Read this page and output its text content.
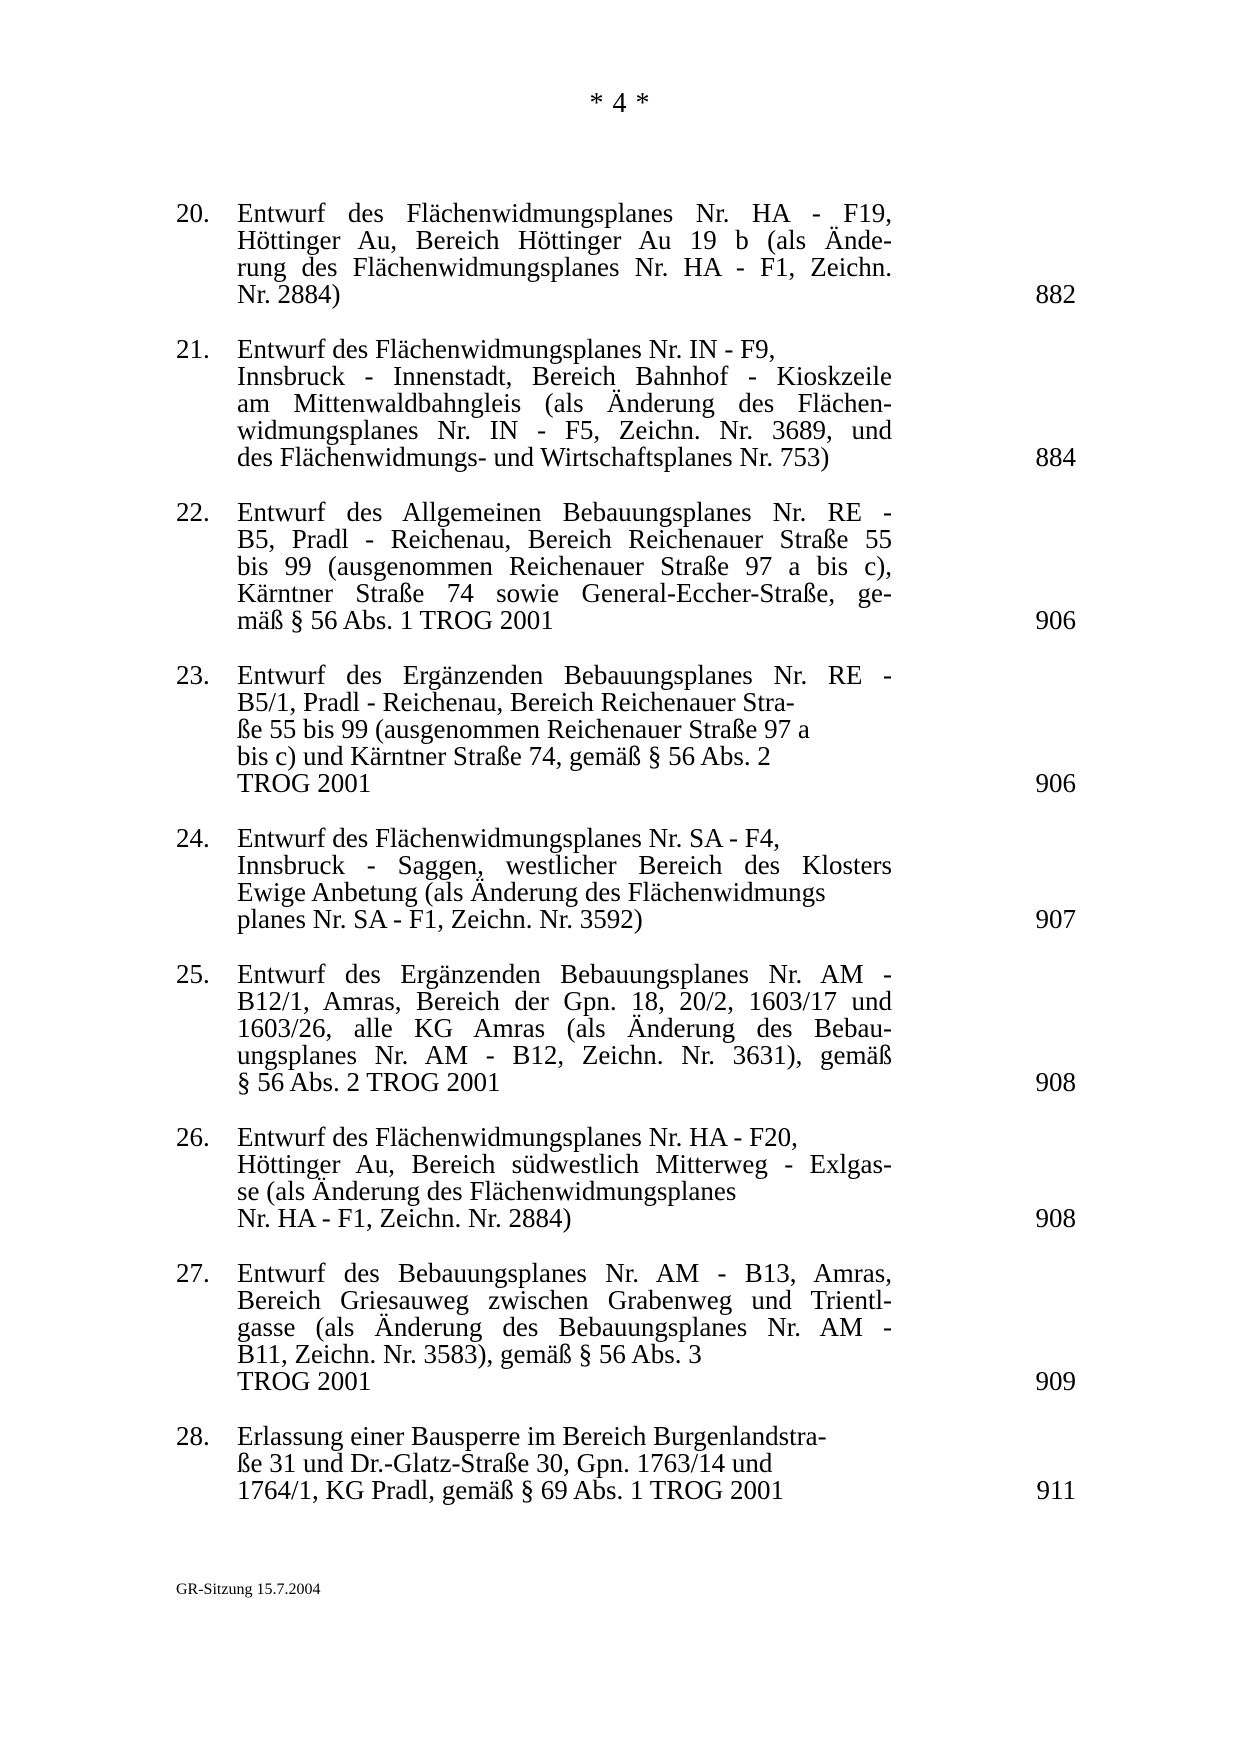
* 4 *
20.	Entwurf des Flächenwidmungsplanes Nr. HA - F19,
Höttinger Au, Bereich Höttinger Au 19 b (als Ände-
rung des Flächenwidmungsplanes Nr. HA - F1, Zeichn.
Nr. 2884)	882
21.	Entwurf des Flächenwidmungsplanes Nr. IN - F9,
Innsbruck - Innenstadt, Bereich Bahnhof - Kioskzeile
am Mittenwaldbahngleis (als Änderung des Flächen-
widmungsplanes Nr. IN - F5, Zeichn. Nr. 3689, und
des Flächenwidmungs- und Wirtschaftsplanes Nr. 753)	884
22.	Entwurf des Allgemeinen Bebauungsplanes Nr. RE -
B5, Pradl - Reichenau, Bereich Reichenauer Straße 55
bis 99 (ausgenommen Reichenauer Straße 97 a bis c),
Kärntner Straße 74 sowie General-Eccher-Straße, ge-
mäß § 56 Abs. 1 TROG 2001	906
23.	Entwurf des Ergänzenden Bebauungsplanes Nr. RE -
B5/1, Pradl - Reichenau, Bereich Reichenauer Stra-
ße 55 bis 99 (ausgenommen Reichenauer Straße 97 a
bis c) und Kärntner Straße 74, gemäß § 56 Abs. 2
TROG 2001	906
24.	Entwurf des Flächenwidmungsplanes Nr. SA - F4,
Innsbruck - Saggen, westlicher Bereich des Klosters
Ewige Anbetung (als Änderung des Flächenwidmungs
planes Nr. SA - F1, Zeichn. Nr. 3592)	907
25.	Entwurf des Ergänzenden Bebauungsplanes Nr. AM -
B12/1, Amras, Bereich der Gpn. 18, 20/2, 1603/17 und
1603/26, alle KG Amras (als Änderung des Bebau-
ungsplanes Nr. AM - B12, Zeichn. Nr. 3631), gemäß
§ 56 Abs. 2 TROG 2001	908
26.	Entwurf des Flächenwidmungsplanes Nr. HA - F20,
Höttinger Au, Bereich südwestlich Mitterweg - Exlgas-
se (als Änderung des Flächenwidmungsplanes
Nr. HA - F1, Zeichn. Nr. 2884)	908
27.	Entwurf des Bebauungsplanes Nr. AM - B13, Amras,
Bereich Griesauweg zwischen Grabenweg und Trientl-
gasse (als Änderung des Bebauungsplanes Nr. AM -
B11, Zeichn. Nr. 3583), gemäß § 56 Abs. 3
TROG 2001	909
28.	Erlassung einer Bausperre im Bereich Burgenlandstra-
ße 31 und Dr.-Glatz-Straße 30, Gpn. 1763/14 und
1764/1, KG Pradl, gemäß § 69 Abs. 1 TROG 2001	911
GR-Sitzung 15.7.2004
